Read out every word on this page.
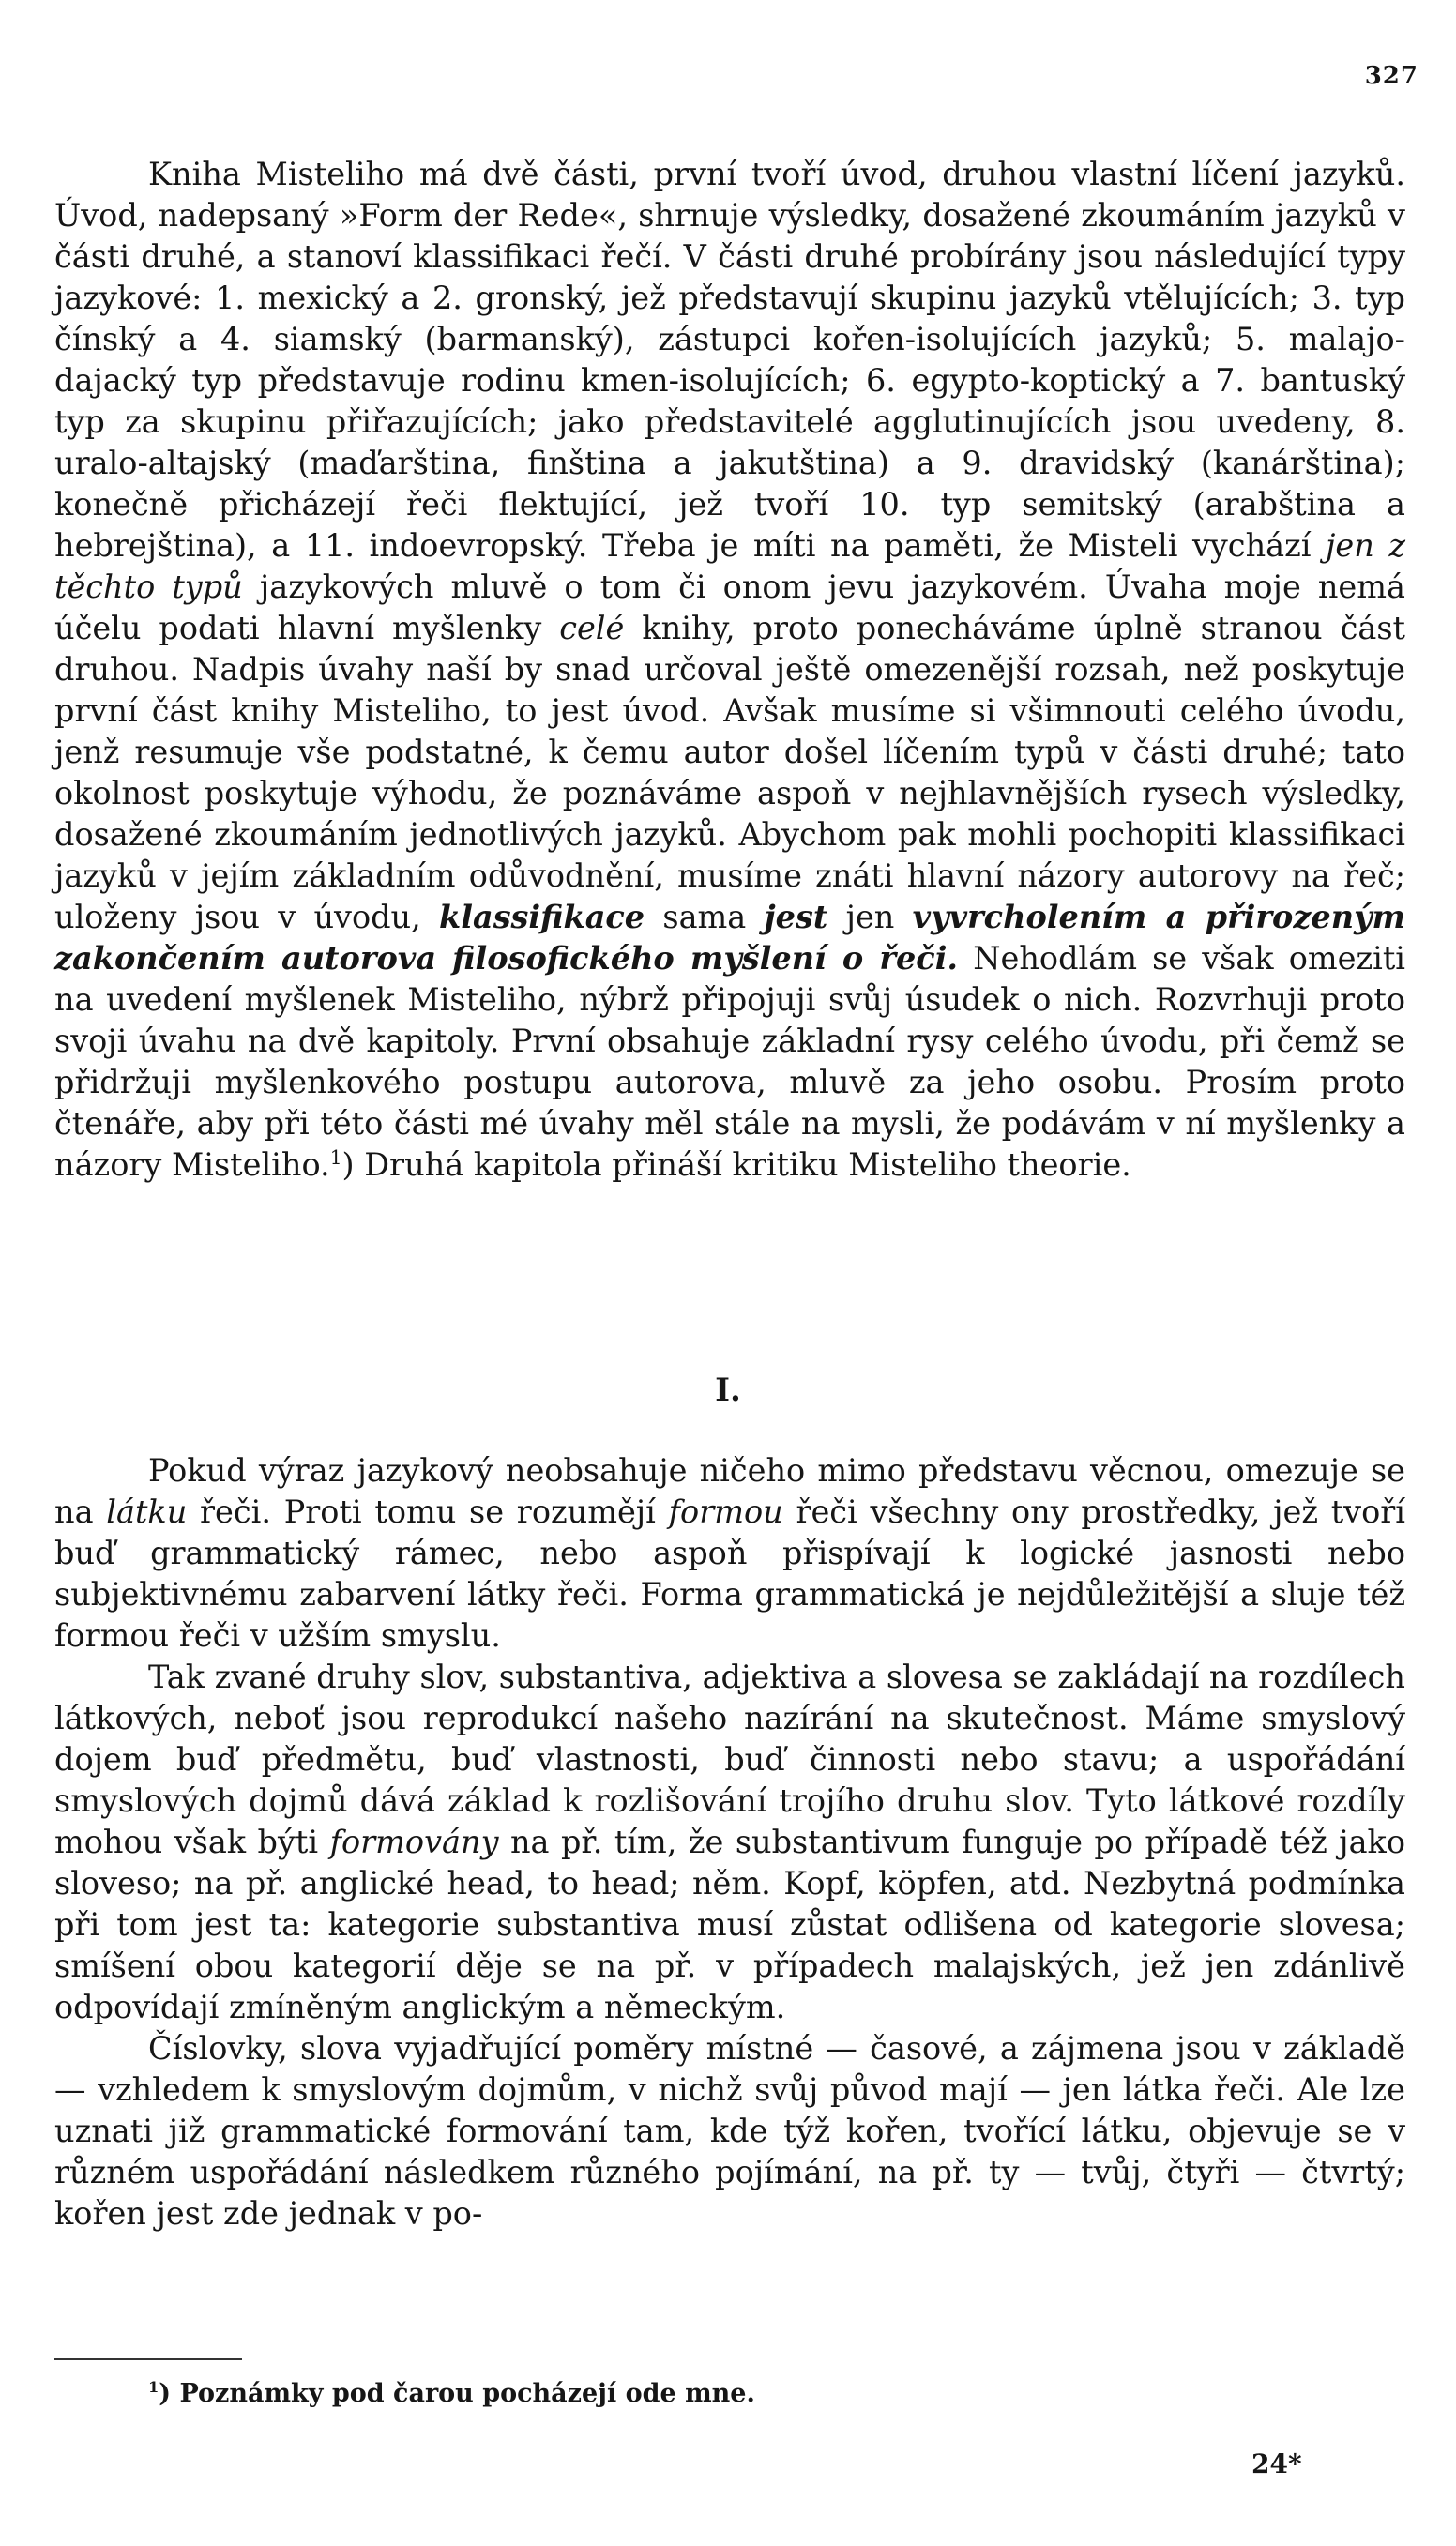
327

Kniha Misteliho má dvě části, první tvoří úvod, druhou vlastní líčení jazyků. Úvod, nadepsaný »Form der Rede«, shrnuje výsledky, dosažené zkoumáním jazyků v části druhé, a stanoví klassifikaci řečí. V části druhé probírány jsou následující typy jazykové: 1. mexický a 2. gronský, jež představují skupinu jazyků vtělujících; 3. typ čínský a 4. siamský (barmanský), zástupci kořen-isolujících jazyků; 5. malajo-dajacký typ představuje rodinu kmen-isolujících; 6. egypto-koptický a 7. bantuský typ za skupinu přiřazujících; jako představitelé agglutinujících jsou uvedeny, 8. uralo-altajský (maďarština, finština a jakutština) a 9. dravidský (kanárština); konečně přicházejí řeči flektující, jež tvoří 10. typ semitský (arabština a hebrejština), a 11. indoevropský. Třeba je míti na paměti, že Misteli vychází jen z těchto typů jazykových mluvě o tom či onom jevu jazykovém. Úvaha moje nemá účelu podati hlavní myšlenky celé knihy, proto ponecháváme úplně stranou část druhou. Nadpis úvahy naší by snad určoval ještě omezenější rozsah, než poskytuje první část knihy Misteliho, to jest úvod. Avšak musíme si všimnouti celého úvodu, jenž resumuje vše podstatné, k čemu autor došel líčením typů v části druhé; tato okolnost poskytuje výhodu, že poznáváme aspoň v nejhlavnějších rysech výsledky, dosažené zkoumáním jednotlivých jazyků. Abychom pak mohli pochopiti klassifikaci jazyků v jejím základním odůvodnění, musíme znáti hlavní názory autorovy na řeč; uloženy jsou v úvodu, klassifikace sama jest jen vyvrcholením a přirozeným zakončením autorova filosofického myšlení o řeči. Nehodlám se však omeziti na uvedení myšlenek Misteliho, nýbrž připojuji svůj úsudek o nich. Rozvrhuji proto svoji úvahu na dvě kapitoly. První obsahuje základní rysy celého úvodu, při čemž se přidržuji myšlenkového postupu autorova, mluvě za jeho osobu. Prosím proto čtenáře, aby při této části mé úvahy měl stále na mysli, že podávám v ní myšlenky a názory Misteliho.$^1$) Druhá kapitola přináší kritiku Misteliho theorie.

I.

Pokud výraz jazykový neobsahuje ničeho mimo představu věcnou, omezuje se na látku řeči. Proti tomu se rozumějí formou řeči všechny ony prostředky, jež tvoří buď grammatický rámec, nebo aspoň přispívají k logické jasnosti nebo subjektivnému zabarvení látky řeči. Forma grammatická je nejdůležitější a sluje též formou řeči v užším smyslu.

Tak zvané druhy slov, substantiva, adjektiva a slovesa se zakládají na rozdílech látkových, neboť jsou reprodukcí našeho nazírání na skutečnost. Máme smyslový dojem buď předmětu, buď vlastnosti, buď činnosti nebo stavu; a uspořádání smyslových dojmů dává základ k rozlišování trojího druhu slov. Tyto látkové rozdíly mohou však býti formovány na př. tím, že substantivum funguje po případě též jako sloveso; na př. anglické head, to head; něm. Kopf, köpfen, atd. Nezbytná podmínka při tom jest ta: kategorie substantiva musí zůstat odlišena od kategorie slovesa; smíšení obou kategorií děje se na př. v případech malajských, jež jen zdánlivě odpovídají zmíněným anglickým a německým.

Číslovky, slova vyjadřující poměry místné — časové, a zájmena jsou v základě — vzhledem k smyslovým dojmům, v nichž svůj původ mají — jen látka řeči. Ale lze uznati již grammatické formování tam, kde týž kořen, tvořící látku, objevuje se v různém uspořádání následkem různého pojímání, na př. ty — tvůj, čtyři — čtvrtý; kořen jest zde jednak v po-

$^1$) Poznámky pod čarou pocházejí ode mne.
24*
